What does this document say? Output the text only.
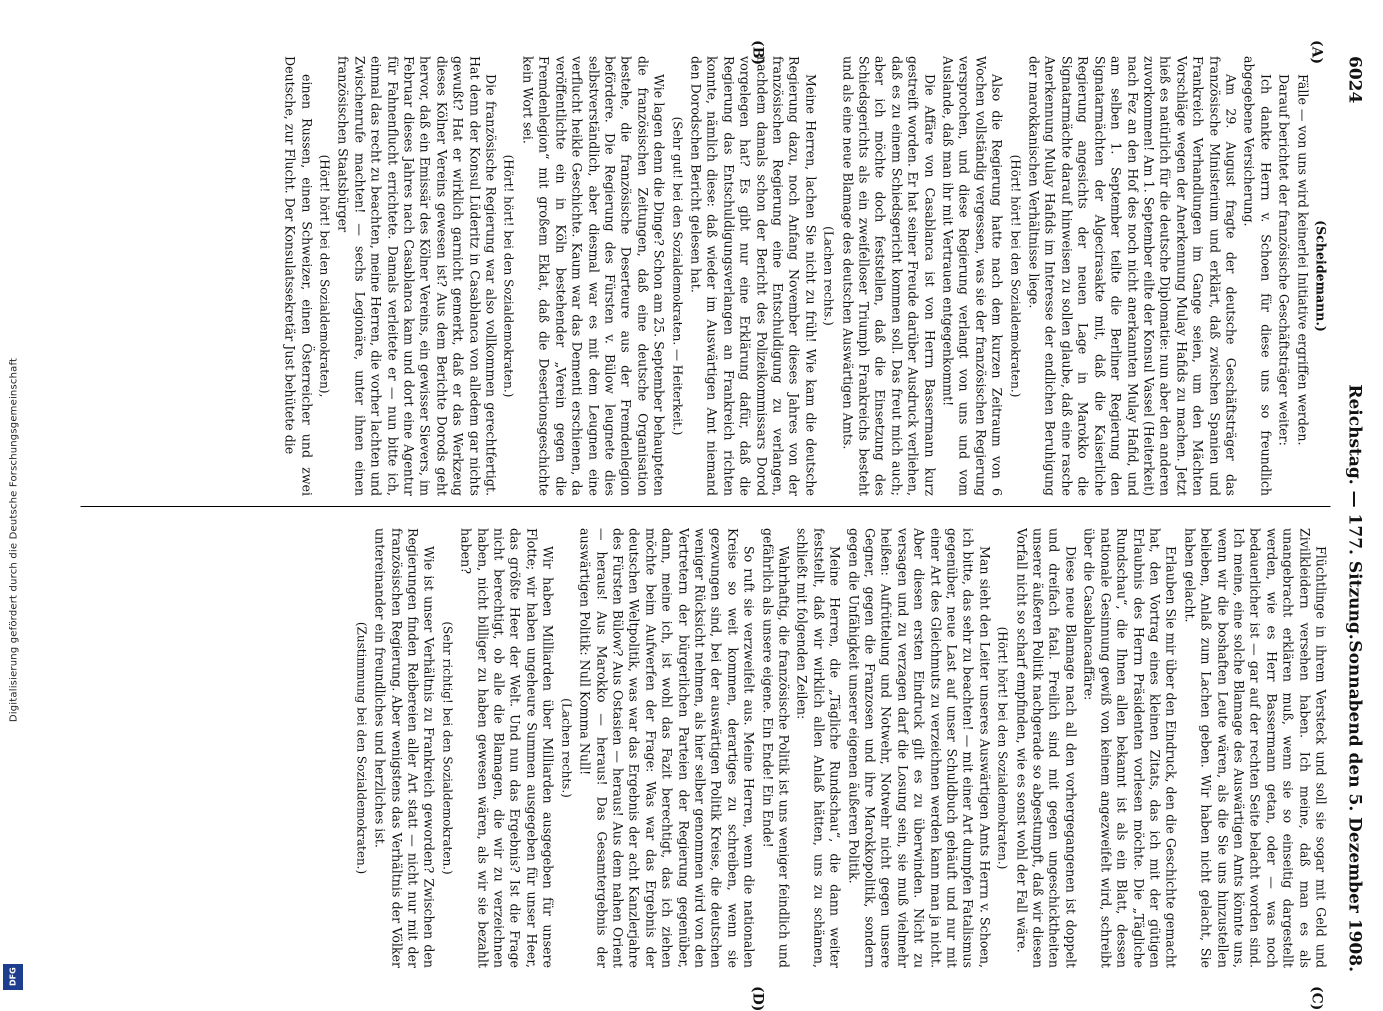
Digitalisierung gefördert durch die Deutsche Forschungsgemeinschaft
DFG
6024
Reichstag. — 177. Sitzung.
Sonnabend den 5. Dezember 1908.
(A)
(B)
(C)
(D)

(Scheidemann.)

Fälle — von uns wird keinerlei Initiative ergriffen werden.

Darauf berichtet der französische Geschäftsträger weiter:

Ich dankte Herrn v. Schoen für diese uns so freundlich abgegebene Versicherung.

Am 29. August fragte der deutsche Geschäftsträger das französische Ministerium und erklärt, daß zwischen Spanien und Frankreich Verhandlungen im Gange seien, um den Mächten Vorschläge wegen der Anerkennung Mulay Hafids zu machen. Jetzt hieß es natürlich für die deutsche Diplomatie: nun aber den anderen zuvorkommen! Am 1. September eilte der Konsul Vassel (Heiterkeit) nach Fez an den Hof des noch nicht anerkannten Mulay Hafid, und am selben 1. September teilte die Berliner Regierung den Signatarmächten der Algecirasakte mit, daß die Kaiserliche Regierung angesichts der neuen Lage in Marokko die Signatarmächte darauf hinweisen zu sollen glaube, daß eine rasche Anerkennung Mulay Hafids im Interesse der endlichen Beruhigung der marokkanischen Verhältnisse liege.

(Hört! hört! bei den Sozialdemokraten.)

Also die Regierung hatte nach dem kurzen Zeitraum von 6 Wochen vollständig vergessen, was sie der französischen Regierung versprochen, und diese Regierung verlangt von uns und vom Auslande, daß man ihr mit Vertrauen entgegenkommt!

Die Affäre von Casablanca ist von Herrn Bassermann kurz gestreift worden. Er hat seiner Freude darüber Ausdruck verliehen, daß es zu einem Schiedsgericht kommen soll. Das freut mich auch; aber ich möchte doch feststellen, daß die Einsetzung des Schiedsgerichts als ein zweifelloser Triumph Frankreichs besteht und als eine neue Blamage des deutschen Auswärtigen Amts.

(Lachen rechts.)

Meine Herren, lachen Sie nicht zu früh! Wie kam die deutsche Regierung dazu, noch Anfang November dieses Jahres von der französischen Regierung eine Entschuldigung zu verlangen, nachdem damals schon der Bericht des Polizeikommissars Dorod vorgelegen hat? Es gibt nur eine Erklärung dafür, daß die Regierung das Entschuldigungsverlangen an Frankreich richten konnte, nämlich diese: daß wieder im Auswärtigen Amt niemand den Dorodschen Bericht gelesen hat.

(Sehr gut! bei den Sozialdemokraten. — Heiterkeit.)

Wie lagen denn die Dinge? Schon am 25. September behaupteten die französischen Zeitungen, daß eine deutsche Organisation bestehe, die französische Deserteure aus der Fremdenlegion befördere. Die Regierung des Fürsten v. Bülow leugnete dies selbstverständlich, aber diesmal war es mit dem Leugnen eine verflucht heikle Geschichte. Kaum war das Dementi erschienen, da veröffentlichte ein in Köln bestehender „Verein gegen die Fremdenlegion“ mit großem Eklat, daß die Desertionsgeschichte kein Wort sei.

(Hört! hört! bei den Sozialdemokraten.)

Die französische Regierung war also vollkommen gerechtfertigt. Hat denn der Konsul Lüderitz in Casablanca von alledem gar nichts gewußt? Hat er wirklich garnicht gemerkt, daß er das Werkzeug dieses Kölner Vereins gewesen ist? Aus dem Berichte Dorods geht hervor, daß ein Emissär des Kölner Vereins, ein gewisser Sievers, im Februar dieses Jahres nach Casablanca kam und dort eine Agentur für Fahnenflucht errichtete. Damals verleitete er — nun bitte ich, einmal das recht zu beachten, meine Herren, die vorher lachten und Zwischenrufe machten! — sechs Legionäre, unter ihnen einen französischen Staatsbürger

(Hört! hört! bei den Sozialdemokraten),

einen Russen, einen Schweizer, einen Österreicher und zwei Deutsche, zur Flucht. Der Konsulatssekretär Just behütete die

Flüchtlinge in ihrem Versteck und soll sie sogar mit Geld und Zivilkleidern versehen haben. Ich meine, daß man es als unangebracht erklären muß, wenn sie so einseitig dargestellt werden, wie es Herr Bassermann getan, oder — was noch bedauerlicher ist — gar auf der rechten Seite belacht worden sind. Ich meine, eine solche Blamage des Auswärtigen Amts könnte uns, wenn wir die boshaften Leute wären, als die Sie uns hinzustellen belieben, Anlaß zum Lachen geben. Wir haben nicht gelacht, Sie haben gelacht.

Erlauben Sie mir über den Eindruck, den die Geschichte gemacht hat, den Vortrag eines kleinen Zitats, das ich mit der gütigen Erlaubnis des Herrn Präsidenten vorlesen möchte. Die „Tägliche Rundschau“, die Ihnen allen bekannt ist als ein Blatt, dessen nationale Gesinnung gewiß von keinem angezweifelt wird, schreibt über die Casablancaaffäre:

Diese neue Blamage nach all den vorhergegangenen ist doppelt und dreifach fatal. Freilich sind mit gegen ungeschicktheiten unserer äußeren Politik nachgerade so abgestumpft, daß wir diesen Vorfall nicht so scharf empfinden, wie es sonst wohl der Fall wäre.

(Hört! hört! bei den Sozialdemokraten.)

Man sieht den Leiter unseres Auswärtigen Amts Herrn v. Schoen, ich bitte, das sehr zu beachten! — mit einer Art dumpfen Fatalismus gegenüber, neue Last auf unser Schuldbuch gehäuft und nur mit einer Art des Gleichmuts zu verzeichnen werden kann man ja nicht. Aber diesen ersten Eindruck gilt es zu überwinden. Nicht zu versagen und zu verzagen darf die Losung sein, sie muß vielmehr heißen: Aufrüttelung und Notwehr, Notwehr nicht gegen unsere Gegner, gegen die Franzosen und ihre Marokkopolitik, sondern gegen die Unfähigkeit unserer eigenen äußeren Politik.

Meine Herren, die „Tägliche Rundschau“, die dann weiter feststellt, daß wir wirklich allen Anlaß hätten, uns zu schämen, schließt mit folgenden Zeilen:

Wahrhaftig, die französische Politik ist uns weniger feindlich und gefährlich als unsere eigene. Ein Ende! Ein Ende!

So ruft sie verzweifelt aus. Meine Herren, wenn die nationalen Kreise so weit kommen, derartiges zu schreiben, wenn sie gezwungen sind, bei der auswärtigen Politik Kreise, die deutschen weniger Rücksicht nehmen, als hier selber genommen wird von den Vertretern der bürgerlichen Parteien der Regierung gegenüber, dann, meine ich, ist wohl das Fazit berechtigt, das ich ziehen möchte beim Aufwerfen der Frage: Was war das Ergebnis der deutschen Weltpolitik, was war das Ergebnis der acht Kanzlerjahre des Fürsten Bülow? Aus Ostasien — heraus! Aus dem nahen Orient — heraus! Aus Marokko — heraus! Das Gesamtergebnis der auswärtigen Politik: Null Komma Null!

(Lachen rechts.)

Wir haben Milliarden über Milliarden ausgegeben für unsere Flotte; wir haben ungeheure Summen ausgegeben für unser Heer, das größte Heer der Welt. Und nun das Ergebnis? Ist die Frage nicht berechtigt, ob alle die Blamagen, die wir zu verzeichnen haben, nicht billiger zu haben gewesen wären, als wir sie bezahlt haben?

(Sehr richtig! bei den Sozialdemokraten.)

Wie ist unser Verhältnis zu Frankreich geworden? Zwischen den Regierungen finden Reibereien aller Art statt — nicht nur mit der französischen Regierung. Aber wenigstens das Verhältnis der Völker untereinander ein freundliches und herzliches ist.

(Zustimmung bei den Sozialdemokraten.)
